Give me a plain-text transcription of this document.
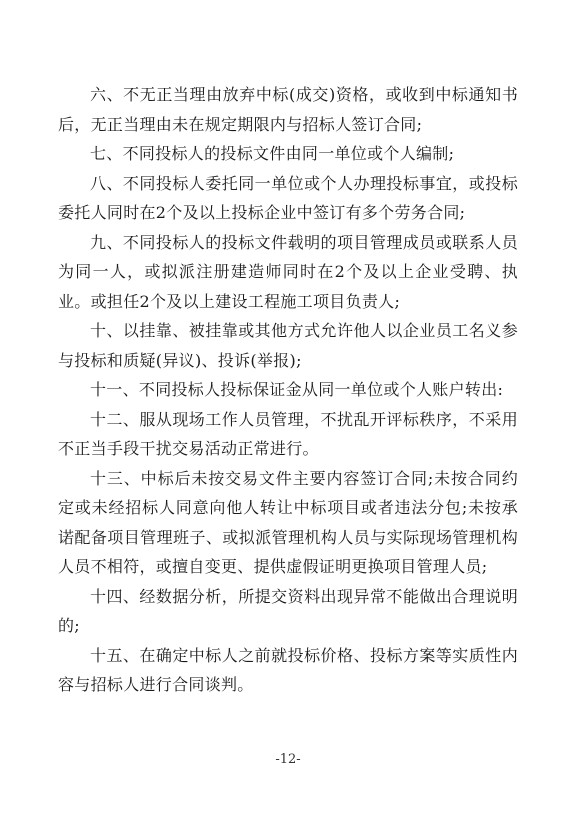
六、不无正当理由放弃中标(成交)资格，或收到中标通知书后，无正当理由未在规定期限内与招标人签订合同;

七、不同投标人的投标文件由同一单位或个人编制;

八、不同投标人委托同一单位或个人办理投标事宜，或投标委托人同时在2个及以上投标企业中签订有多个劳务合同;

九、不同投标人的投标文件载明的项目管理成员或联系人员为同一人，或拟派注册建造师同时在2个及以上企业受聘、执业。或担任2个及以上建设工程施工项目负责人;

十、以挂靠、被挂靠或其他方式允许他人以企业员工名义参与投标和质疑(异议)、投诉(举报);

十一、不同投标人投标保证金从同一单位或个人账户转出:

十二、服从现场工作人员管理，不扰乱开评标秩序，不采用不正当手段干扰交易活动正常进行。

十三、中标后未按交易文件主要内容签订合同;未按合同约定或未经招标人同意向他人转让中标项目或者违法分包;未按承诺配备项目管理班子、或拟派管理机构人员与实际现场管理机构人员不相符，或擅自变更、提供虚假证明更换项目管理人员;

十四、经数据分析，所提交资料出现异常不能做出合理说明的;

十五、在确定中标人之前就投标价格、投标方案等实质性内容与招标人进行合同谈判。

-12-
